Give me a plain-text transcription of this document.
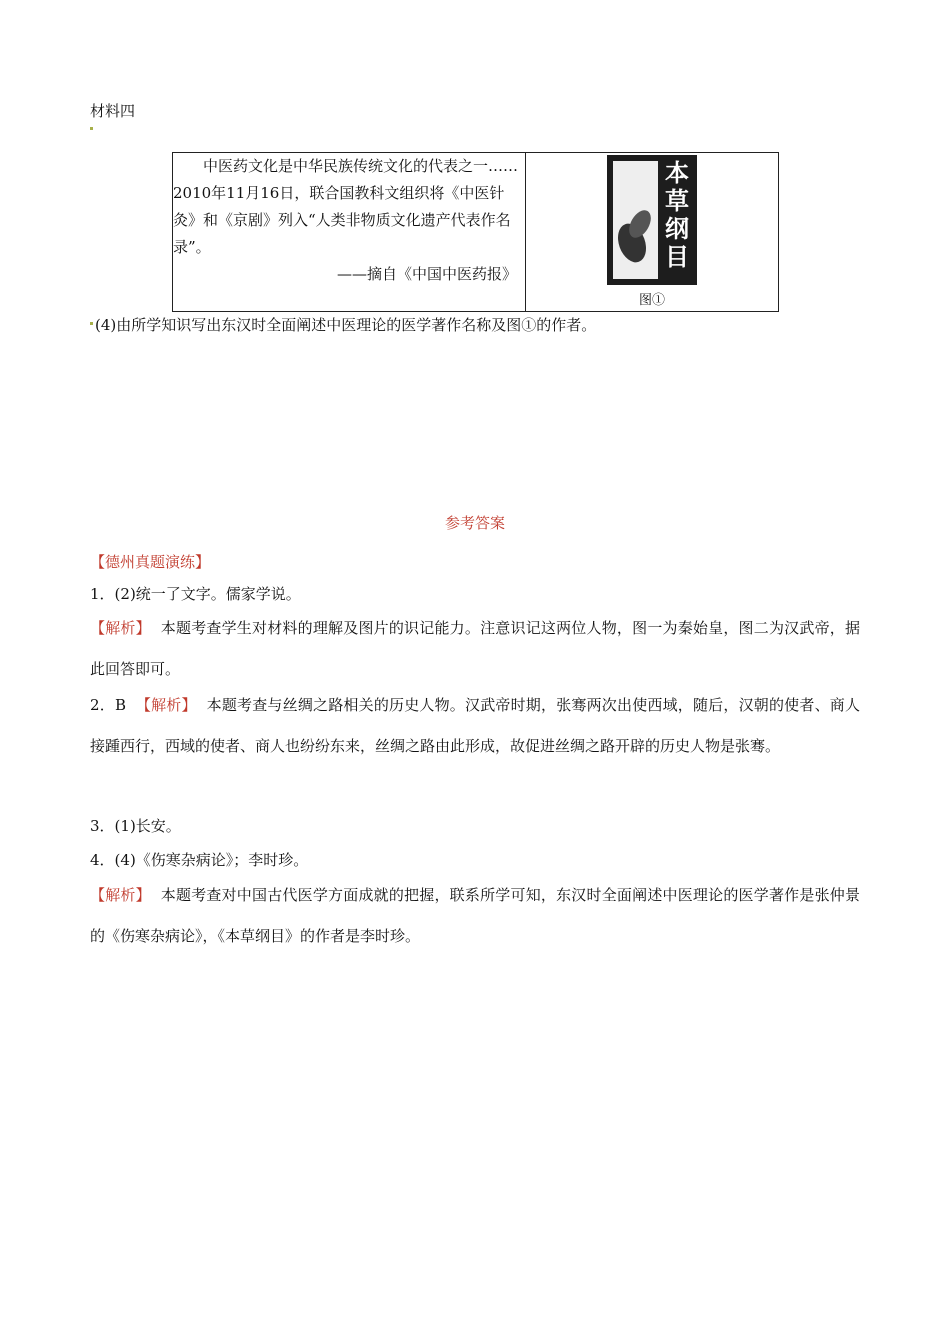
材料四

中医药文化是中华民族传统文化的代表之一……2010年11月16日，联合国教科文组织将《中医针灸》和《京剧》列入“人类非物质文化遗产代表作名录”。

——摘自《中国中医药报》

本草纲目
图①
(4)由所学知识写出东汉时全面阐述中医理论的医学著作名称及图①的作者。
参考答案
【德州真题演练】
1．(2)统一了文字。儒家学说。
【解析】 本题考查学生对材料的理解及图片的识记能力。注意识记这两位人物，图一为秦始皇，图二为汉武帝，据此回答即可。
2．B 【解析】 本题考查与丝绸之路相关的历史人物。汉武帝时期，张骞两次出使西域，随后，汉朝的使者、商人接踵西行，西域的使者、商人也纷纷东来，丝绸之路由此形成，故促进丝绸之路开辟的历史人物是张骞。
3．(1)长安。
4．(4)《伤寒杂病论》；李时珍。
【解析】 本题考查对中国古代医学方面成就的把握，联系所学可知，东汉时全面阐述中医理论的医学著作是张仲景的《伤寒杂病论》，《本草纲目》的作者是李时珍。
